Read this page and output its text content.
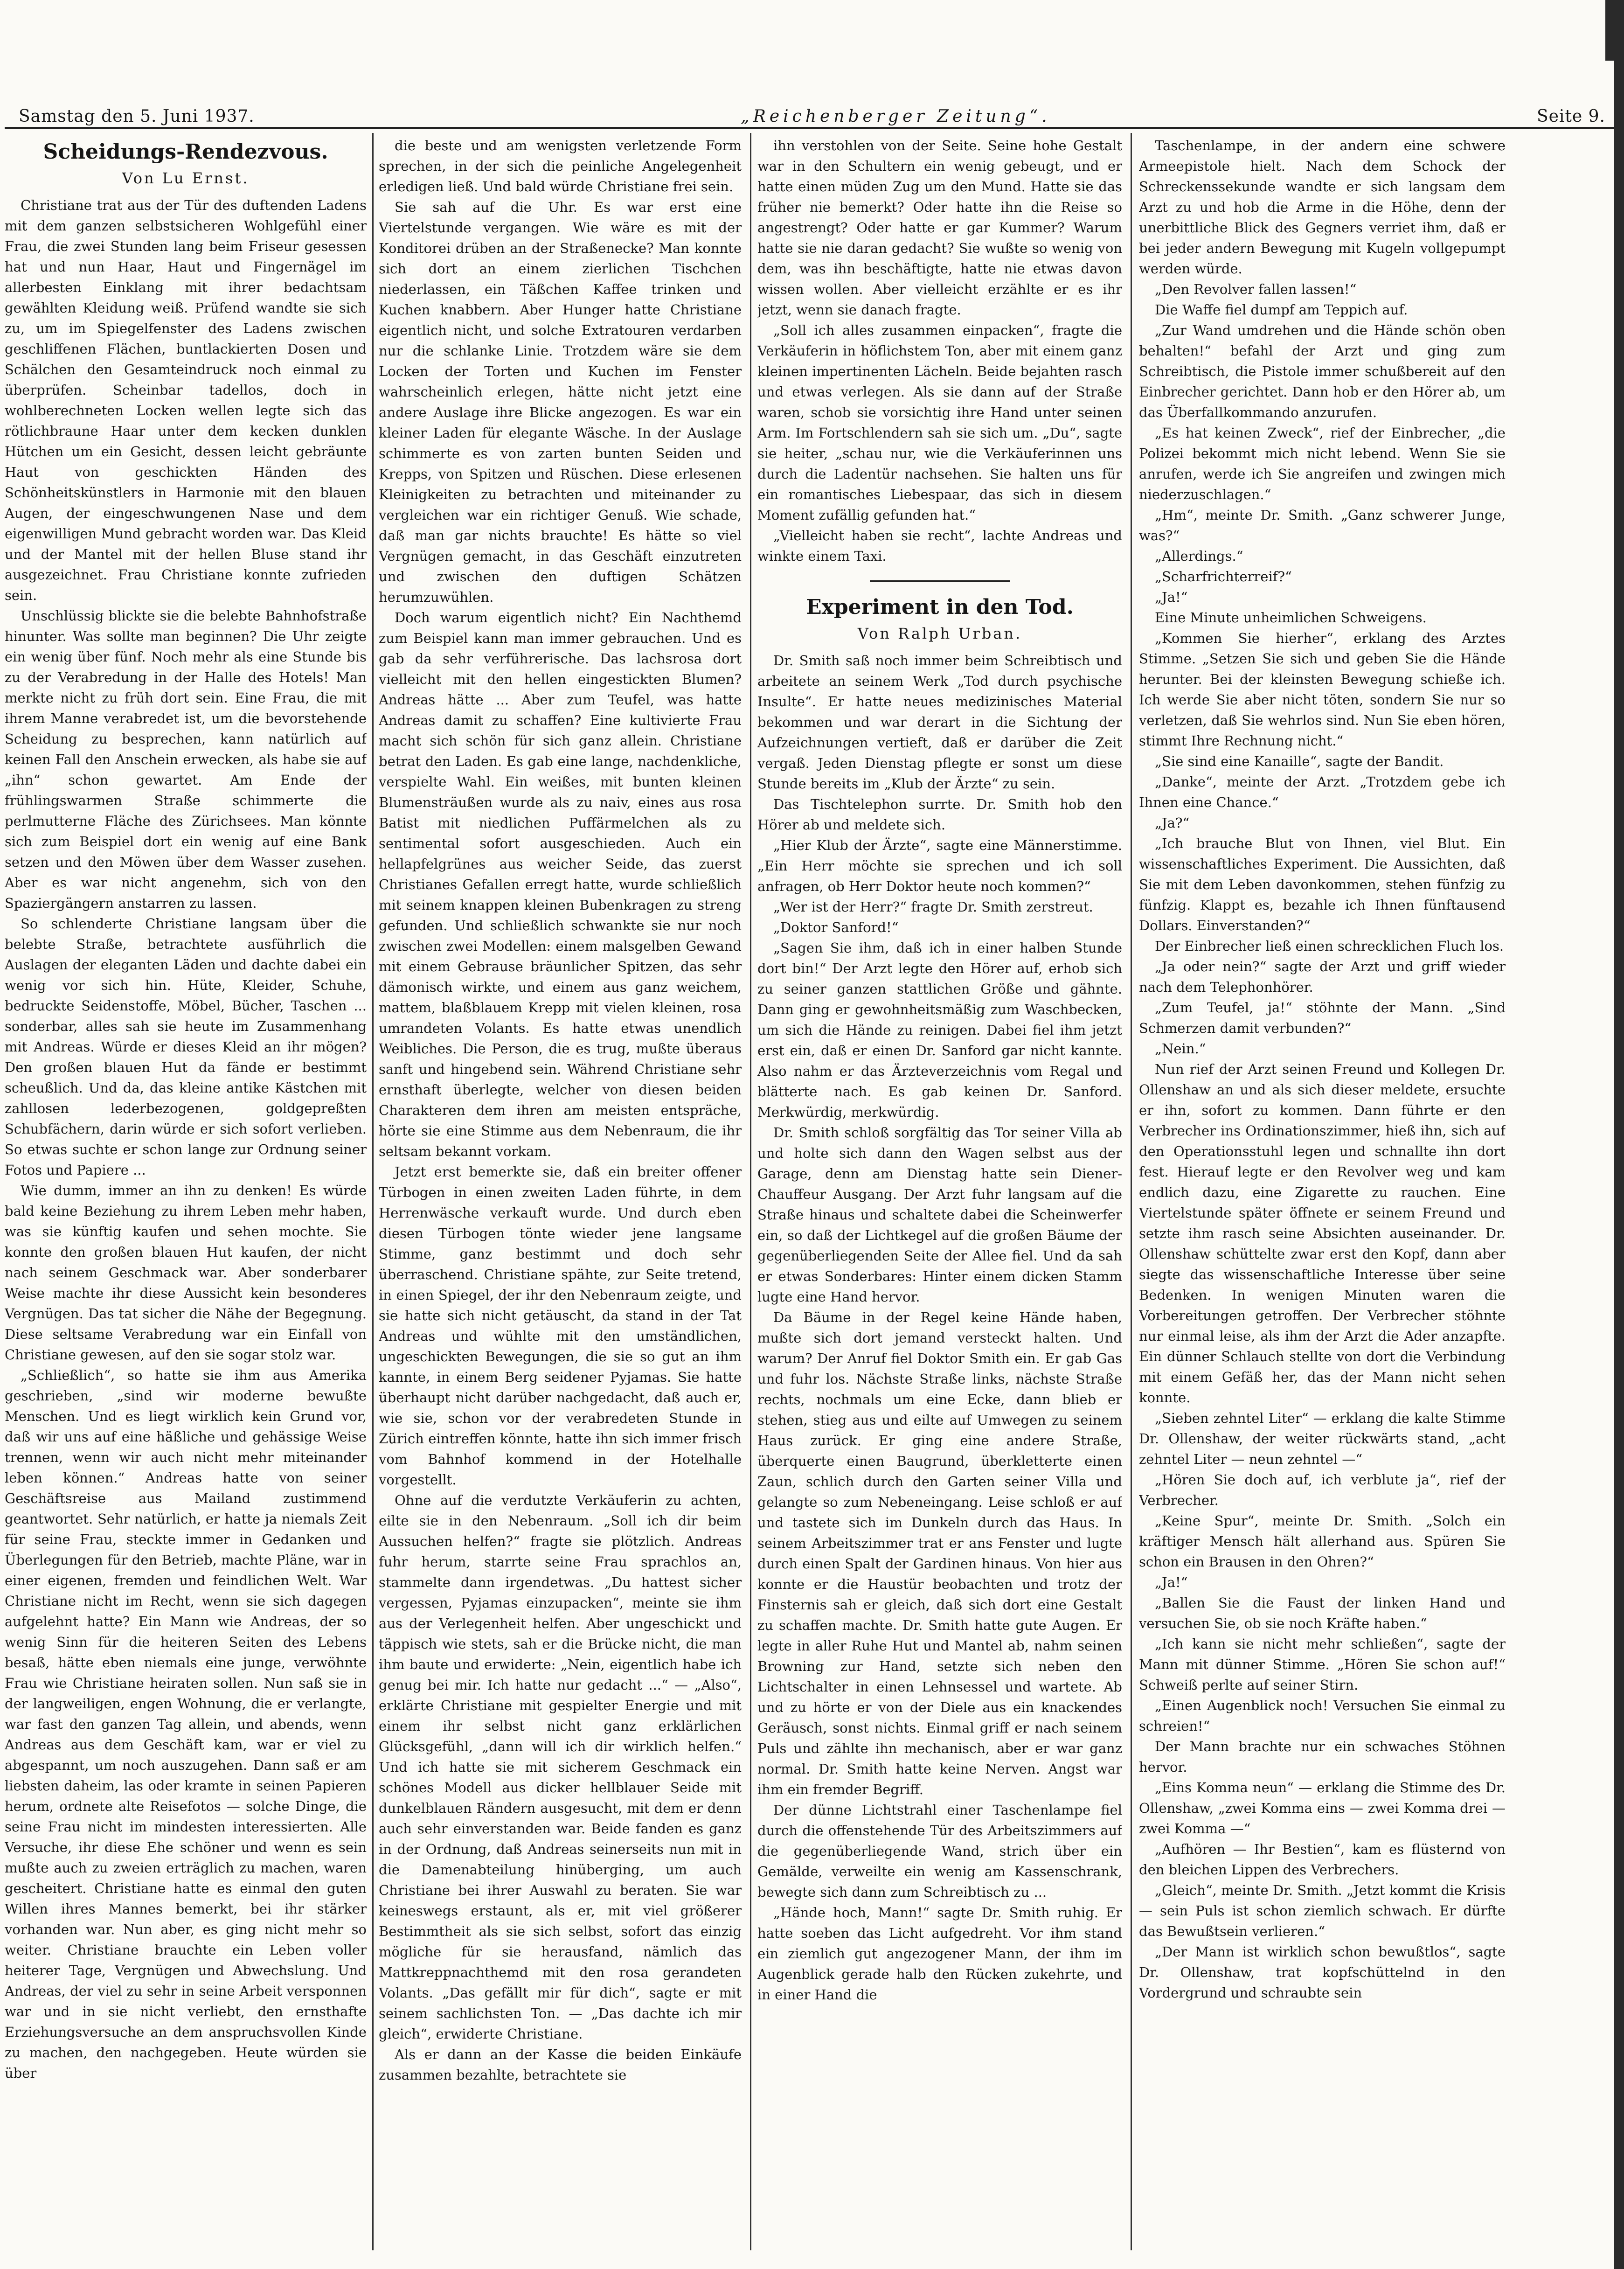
Samstag den 5. Juni 1937.	„Reichenberger Zeitung“.	Seite 9.
Scheidungs-Rendezvous.
Von Lu Ernst.

Christiane trat aus der Tür des duftenden Ladens mit dem ganzen selbstsicheren Wohlgefühl einer Frau, die zwei Stunden lang beim Friseur gesessen hat und nun Haar, Haut und Fingernägel im allerbesten Einklang mit ihrer bedachtsam gewählten Kleidung weiß. Prüfend wandte sie sich zu, um im Spiegelfenster des Ladens zwischen geschliffenen Flächen, buntlackierten Dosen und Schälchen den Gesamteindruck noch einmal zu überprüfen. Scheinbar tadellos, doch in wohlberechneten Locken wellen legte sich das rötlichbraune Haar unter dem kecken dunklen Hütchen um ein Gesicht, dessen leicht gebräunte Haut von geschickten Händen des Schönheitskünstlers in Harmonie mit den blauen Augen, der eingeschwungenen Nase und dem eigenwilligen Mund gebracht worden war. Das Kleid und der Mantel mit der hellen Bluse stand ihr ausgezeichnet. Frau Christiane konnte zufrieden sein.

Unschlüssig blickte sie die belebte Bahnhofstraße hinunter. Was sollte man beginnen? Die Uhr zeigte ein wenig über fünf. Noch mehr als eine Stunde bis zu der Verabredung in der Halle des Hotels! Man merkte nicht zu früh dort sein. Eine Frau, die mit ihrem Manne verabredet ist, um die bevorstehende Scheidung zu besprechen, kann natürlich auf keinen Fall den Anschein erwecken, als habe sie auf „ihn“ schon gewartet. Am Ende der frühlingswarmen Straße schimmerte die perlmutterne Fläche des Zürichsees. Man könnte sich zum Beispiel dort ein wenig auf eine Bank setzen und den Möwen über dem Wasser zusehen. Aber es war nicht angenehm, sich von den Spaziergängern anstarren zu lassen.

So schlenderte Christiane langsam über die belebte Straße, betrachtete ausführlich die Auslagen der eleganten Läden und dachte dabei ein wenig vor sich hin. Hüte, Kleider, Schuhe, bedruckte Seidenstoffe, Möbel, Bücher, Taschen ... sonderbar, alles sah sie heute im Zusammenhang mit Andreas. Würde er dieses Kleid an ihr mögen? Den großen blauen Hut da fände er bestimmt scheußlich. Und da, das kleine antike Kästchen mit zahllosen lederbezogenen, goldgepreßten Schubfächern, darin würde er sich sofort verlieben. So etwas suchte er schon lange zur Ordnung seiner Fotos und Papiere ...

Wie dumm, immer an ihn zu denken! Es würde bald keine Beziehung zu ihrem Leben mehr haben, was sie künftig kaufen und sehen mochte. Sie konnte den großen blauen Hut kaufen, der nicht nach seinem Geschmack war. Aber sonderbarer Weise machte ihr diese Aussicht kein besonderes Vergnügen. Das tat sicher die Nähe der Begegnung. Diese seltsame Verabredung war ein Einfall von Christiane gewesen, auf den sie sogar stolz war.

„Schließlich“, so hatte sie ihm aus Amerika geschrieben, „sind wir moderne bewußte Menschen. Und es liegt wirklich kein Grund vor, daß wir uns auf eine häßliche und gehässige Weise trennen, wenn wir auch nicht mehr miteinander leben können.“ Andreas hatte von seiner Geschäftsreise aus Mailand zustimmend geantwortet. Sehr natürlich, er hatte ja niemals Zeit für seine Frau, steckte immer in Gedanken und Überlegungen für den Betrieb, machte Pläne, war in einer eigenen, fremden und feindlichen Welt. War Christiane nicht im Recht, wenn sie sich dagegen aufgelehnt hatte? Ein Mann wie Andreas, der so wenig Sinn für die heiteren Seiten des Lebens besaß, hätte eben niemals eine junge, verwöhnte Frau wie Christiane heiraten sollen. Nun saß sie in der langweiligen, engen Wohnung, die er verlangte, war fast den ganzen Tag allein, und abends, wenn Andreas aus dem Geschäft kam, war er viel zu abgespannt, um noch auszugehen. Dann saß er am liebsten daheim, las oder kramte in seinen Papieren herum, ordnete alte Reisefotos — solche Dinge, die seine Frau nicht im mindesten interessierten. Alle Versuche, ihr diese Ehe schöner und wenn es sein mußte auch zu zweien erträglich zu machen, waren gescheitert. Christiane hatte es einmal den guten Willen ihres Mannes bemerkt, bei ihr stärker vorhanden war. Nun aber, es ging nicht mehr so weiter. Christiane brauchte ein Leben voller heiterer Tage, Vergnügen und Abwechslung. Und Andreas, der viel zu sehr in seine Arbeit versponnen war und in sie nicht verliebt, den ernsthafte Erziehungsversuche an dem anspruchsvollen Kinde zu machen, den nachgegeben. Heute würden sie über

die beste und am wenigsten verletzende Form sprechen, in der sich die peinliche Angelegenheit erledigen ließ. Und bald würde Christiane frei sein.

Sie sah auf die Uhr. Es war erst eine Viertelstunde vergangen. Wie wäre es mit der Konditorei drüben an der Straßenecke? Man konnte sich dort an einem zierlichen Tischchen niederlassen, ein Täßchen Kaffee trinken und Kuchen knabbern. Aber Hunger hatte Christiane eigentlich nicht, und solche Extratouren verdarben nur die schlanke Linie. Trotzdem wäre sie dem Locken der Torten und Kuchen im Fenster wahrscheinlich erlegen, hätte nicht jetzt eine andere Auslage ihre Blicke angezogen. Es war ein kleiner Laden für elegante Wäsche. In der Auslage schimmerte es von zarten bunten Seiden und Krepps, von Spitzen und Rüschen. Diese erlesenen Kleinigkeiten zu betrachten und miteinander zu vergleichen war ein richtiger Genuß. Wie schade, daß man gar nichts brauchte! Es hätte so viel Vergnügen gemacht, in das Geschäft einzutreten und zwischen den duftigen Schätzen herumzuwühlen.

Doch warum eigentlich nicht? Ein Nachthemd zum Beispiel kann man immer gebrauchen. Und es gab da sehr verführerische. Das lachsrosa dort vielleicht mit den hellen eingestickten Blumen? Andreas hätte ... Aber zum Teufel, was hatte Andreas damit zu schaffen? Eine kultivierte Frau macht sich schön für sich ganz allein. Christiane betrat den Laden. Es gab eine lange, nachdenkliche, verspielte Wahl. Ein weißes, mit bunten kleinen Blumensträußen wurde als zu naiv, eines aus rosa Batist mit niedlichen Puffärmelchen als zu sentimental sofort ausgeschieden. Auch ein hellapfelgrünes aus weicher Seide, das zuerst Christianes Gefallen erregt hatte, wurde schließlich mit seinem knappen kleinen Bubenkragen zu streng gefunden. Und schließlich schwankte sie nur noch zwischen zwei Modellen: einem malsgelben Gewand mit einem Gebrause bräunlicher Spitzen, das sehr dämonisch wirkte, und einem aus ganz weichem, mattem, blaßblauem Krepp mit vielen kleinen, rosa umrandeten Volants. Es hatte etwas unendlich Weibliches. Die Person, die es trug, mußte überaus sanft und hingebend sein. Während Christiane sehr ernsthaft überlegte, welcher von diesen beiden Charakteren dem ihren am meisten entspräche, hörte sie eine Stimme aus dem Nebenraum, die ihr seltsam bekannt vorkam.

Jetzt erst bemerkte sie, daß ein breiter offener Türbogen in einen zweiten Laden führte, in dem Herrenwäsche verkauft wurde. Und durch eben diesen Türbogen tönte wieder jene langsame Stimme, ganz bestimmt und doch sehr überraschend. Christiane spähte, zur Seite tretend, in einen Spiegel, der ihr den Nebenraum zeigte, und sie hatte sich nicht getäuscht, da stand in der Tat Andreas und wühlte mit den umständlichen, ungeschickten Bewegungen, die sie so gut an ihm kannte, in einem Berg seidener Pyjamas. Sie hatte überhaupt nicht darüber nachgedacht, daß auch er, wie sie, schon vor der verabredeten Stunde in Zürich eintreffen könnte, hatte ihn sich immer frisch vom Bahnhof kommend in der Hotelhalle vorgestellt.

Ohne auf die verdutzte Verkäuferin zu achten, eilte sie in den Nebenraum. „Soll ich dir beim Aussuchen helfen?“ fragte sie plötzlich. Andreas fuhr herum, starrte seine Frau sprachlos an, stammelte dann irgendetwas. „Du hattest sicher vergessen, Pyjamas einzupacken“, meinte sie ihm aus der Verlegenheit helfen. Aber ungeschickt und täppisch wie stets, sah er die Brücke nicht, die man ihm baute und erwiderte: „Nein, eigentlich habe ich genug bei mir. Ich hatte nur gedacht ...“ — „Also“, erklärte Christiane mit gespielter Energie und mit einem ihr selbst nicht ganz erklärlichen Glücksgefühl, „dann will ich dir wirklich helfen.“ Und ich hatte sie mit sicherem Geschmack ein schönes Modell aus dicker hellblauer Seide mit dunkelblauen Rändern ausgesucht, mit dem er denn auch sehr einverstanden war. Beide fanden es ganz in der Ordnung, daß Andreas seinerseits nun mit in die Damenabteilung hinüberging, um auch Christiane bei ihrer Auswahl zu beraten. Sie war keineswegs erstaunt, als er, mit viel größerer Bestimmtheit als sie sich selbst, sofort das einzig mögliche für sie herausfand, nämlich das Mattkreppnachthemd mit den rosa gerandeten Volants. „Das gefällt mir für dich“, sagte er mit seinem sachlichsten Ton. — „Das dachte ich mir gleich“, erwiderte Christiane.

Als er dann an der Kasse die beiden Einkäufe zusammen bezahlte, betrachtete sie

ihn verstohlen von der Seite. Seine hohe Gestalt war in den Schultern ein wenig gebeugt, und er hatte einen müden Zug um den Mund. Hatte sie das früher nie bemerkt? Oder hatte ihn die Reise so angestrengt? Oder hatte er gar Kummer? Warum hatte sie nie daran gedacht? Sie wußte so wenig von dem, was ihn beschäftigte, hatte nie etwas davon wissen wollen. Aber vielleicht erzählte er es ihr jetzt, wenn sie danach fragte.

„Soll ich alles zusammen einpacken“, fragte die Verkäuferin in höflichstem Ton, aber mit einem ganz kleinen impertinenten Lächeln. Beide bejahten rasch und etwas verlegen. Als sie dann auf der Straße waren, schob sie vorsichtig ihre Hand unter seinen Arm. Im Fortschlendern sah sie sich um. „Du“, sagte sie heiter, „schau nur, wie die Verkäuferinnen uns durch die Ladentür nachsehen. Sie halten uns für ein romantisches Liebespaar, das sich in diesem Moment zufällig gefunden hat.“

„Vielleicht haben sie recht“, lachte Andreas und winkte einem Taxi.

Experiment in den Tod.
Von Ralph Urban.

Dr. Smith saß noch immer beim Schreibtisch und arbeitete an seinem Werk „Tod durch psychische Insulte“. Er hatte neues medizinisches Material bekommen und war derart in die Sichtung der Aufzeichnungen vertieft, daß er darüber die Zeit vergaß. Jeden Dienstag pflegte er sonst um diese Stunde bereits im „Klub der Ärzte“ zu sein.

Das Tischtelephon surrte. Dr. Smith hob den Hörer ab und meldete sich.

„Hier Klub der Ärzte“, sagte eine Männerstimme. „Ein Herr möchte sie sprechen und ich soll anfragen, ob Herr Doktor heute noch kommen?“

„Wer ist der Herr?“ fragte Dr. Smith zerstreut.

„Doktor Sanford!“

„Sagen Sie ihm, daß ich in einer halben Stunde dort bin!“ Der Arzt legte den Hörer auf, erhob sich zu seiner ganzen stattlichen Größe und gähnte. Dann ging er gewohnheitsmäßig zum Waschbecken, um sich die Hände zu reinigen. Dabei fiel ihm jetzt erst ein, daß er einen Dr. Sanford gar nicht kannte. Also nahm er das Ärzteverzeichnis vom Regal und blätterte nach. Es gab keinen Dr. Sanford. Merkwürdig, merkwürdig.

Dr. Smith schloß sorgfältig das Tor seiner Villa ab und holte sich dann den Wagen selbst aus der Garage, denn am Dienstag hatte sein Diener-Chauffeur Ausgang. Der Arzt fuhr langsam auf die Straße hinaus und schaltete dabei die Scheinwerfer ein, so daß der Lichtkegel auf die großen Bäume der gegenüberliegenden Seite der Allee fiel. Und da sah er etwas Sonderbares: Hinter einem dicken Stamm lugte eine Hand hervor.

Da Bäume in der Regel keine Hände haben, mußte sich dort jemand versteckt halten. Und warum? Der Anruf fiel Doktor Smith ein. Er gab Gas und fuhr los. Nächste Straße links, nächste Straße rechts, nochmals um eine Ecke, dann blieb er stehen, stieg aus und eilte auf Umwegen zu seinem Haus zurück. Er ging eine andere Straße, überquerte einen Baugrund, überkletterte einen Zaun, schlich durch den Garten seiner Villa und gelangte so zum Nebeneingang. Leise schloß er auf und tastete sich im Dunkeln durch das Haus. In seinem Arbeitszimmer trat er ans Fenster und lugte durch einen Spalt der Gardinen hinaus. Von hier aus konnte er die Haustür beobachten und trotz der Finsternis sah er gleich, daß sich dort eine Gestalt zu schaffen machte. Dr. Smith hatte gute Augen. Er legte in aller Ruhe Hut und Mantel ab, nahm seinen Browning zur Hand, setzte sich neben den Lichtschalter in einen Lehnsessel und wartete. Ab und zu hörte er von der Diele aus ein knackendes Geräusch, sonst nichts. Einmal griff er nach seinem Puls und zählte ihn mechanisch, aber er war ganz normal. Dr. Smith hatte keine Nerven. Angst war ihm ein fremder Begriff.

Der dünne Lichtstrahl einer Taschenlampe fiel durch die offenstehende Tür des Arbeitszimmers auf die gegenüberliegende Wand, strich über ein Gemälde, verweilte ein wenig am Kassenschrank, bewegte sich dann zum Schreibtisch zu ...

„Hände hoch, Mann!“ sagte Dr. Smith ruhig. Er hatte soeben das Licht aufgedreht. Vor ihm stand ein ziemlich gut angezogener Mann, der ihm im Augenblick gerade halb den Rücken zukehrte, und in einer Hand die

Taschenlampe, in der andern eine schwere Armeepistole hielt. Nach dem Schock der Schreckenssekunde wandte er sich langsam dem Arzt zu und hob die Arme in die Höhe, denn der unerbittliche Blick des Gegners verriet ihm, daß er bei jeder andern Bewegung mit Kugeln vollgepumpt werden würde.

„Den Revolver fallen lassen!“

Die Waffe fiel dumpf am Teppich auf.

„Zur Wand umdrehen und die Hände schön oben behalten!“ befahl der Arzt und ging zum Schreibtisch, die Pistole immer schußbereit auf den Einbrecher gerichtet. Dann hob er den Hörer ab, um das Überfallkommando anzurufen.

„Es hat keinen Zweck“, rief der Einbrecher, „die Polizei bekommt mich nicht lebend. Wenn Sie sie anrufen, werde ich Sie angreifen und zwingen mich niederzuschlagen.“

„Hm“, meinte Dr. Smith. „Ganz schwerer Junge, was?“

„Allerdings.“

„Scharfrichterreif?“

„Ja!“

Eine Minute unheimlichen Schweigens.

„Kommen Sie hierher“, erklang des Arztes Stimme. „Setzen Sie sich und geben Sie die Hände herunter. Bei der kleinsten Bewegung schieße ich. Ich werde Sie aber nicht töten, sondern Sie nur so verletzen, daß Sie wehrlos sind. Nun Sie eben hören, stimmt Ihre Rechnung nicht.“

„Sie sind eine Kanaille“, sagte der Bandit.

„Danke“, meinte der Arzt. „Trotzdem gebe ich Ihnen eine Chance.“

„Ja?“

„Ich brauche Blut von Ihnen, viel Blut. Ein wissenschaftliches Experiment. Die Aussichten, daß Sie mit dem Leben davonkommen, stehen fünfzig zu fünfzig. Klappt es, bezahle ich Ihnen fünftausend Dollars. Einverstanden?“

Der Einbrecher ließ einen schrecklichen Fluch los.

„Ja oder nein?“ sagte der Arzt und griff wieder nach dem Telephonhörer.

„Zum Teufel, ja!“ stöhnte der Mann. „Sind Schmerzen damit verbunden?“

„Nein.“

Nun rief der Arzt seinen Freund und Kollegen Dr. Ollenshaw an und als sich dieser meldete, ersuchte er ihn, sofort zu kommen. Dann führte er den Verbrecher ins Ordinationszimmer, hieß ihn, sich auf den Operationsstuhl legen und schnallte ihn dort fest. Hierauf legte er den Revolver weg und kam endlich dazu, eine Zigarette zu rauchen. Eine Viertelstunde später öffnete er seinem Freund und setzte ihm rasch seine Absichten auseinander. Dr. Ollenshaw schüttelte zwar erst den Kopf, dann aber siegte das wissenschaftliche Interesse über seine Bedenken. In wenigen Minuten waren die Vorbereitungen getroffen. Der Verbrecher stöhnte nur einmal leise, als ihm der Arzt die Ader anzapfte. Ein dünner Schlauch stellte von dort die Verbindung mit einem Gefäß her, das der Mann nicht sehen konnte.

„Sieben zehntel Liter“ — erklang die kalte Stimme Dr. Ollenshaw, der weiter rückwärts stand, „acht zehntel Liter — neun zehntel —“

„Hören Sie doch auf, ich verblute ja“, rief der Verbrecher.

„Keine Spur“, meinte Dr. Smith. „Solch ein kräftiger Mensch hält allerhand aus. Spüren Sie schon ein Brausen in den Ohren?“

„Ja!“

„Ballen Sie die Faust der linken Hand und versuchen Sie, ob sie noch Kräfte haben.“

„Ich kann sie nicht mehr schließen“, sagte der Mann mit dünner Stimme. „Hören Sie schon auf!“ Schweiß perlte auf seiner Stirn.

„Einen Augenblick noch! Versuchen Sie einmal zu schreien!“

Der Mann brachte nur ein schwaches Stöhnen hervor.

„Eins Komma neun“ — erklang die Stimme des Dr. Ollenshaw, „zwei Komma eins — zwei Komma drei — zwei Komma —“

„Aufhören — Ihr Bestien“, kam es flüsternd von den bleichen Lippen des Verbrechers.

„Gleich“, meinte Dr. Smith. „Jetzt kommt die Krisis — sein Puls ist schon ziemlich schwach. Er dürfte das Bewußtsein verlieren.“

„Der Mann ist wirklich schon bewußtlos“, sagte Dr. Ollenshaw, trat kopfschüttelnd in den Vordergrund und schraubte sein
